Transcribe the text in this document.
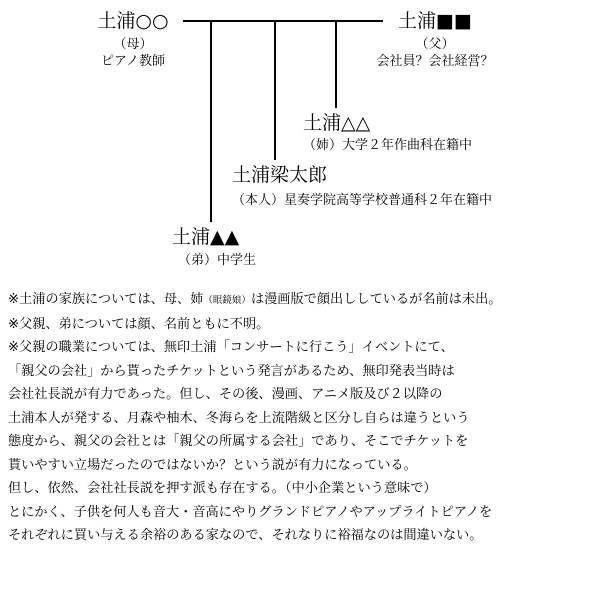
土浦○○
（母）
ピアノ教師
土浦■■
（父）
会社員？会社経営？
土浦△△
（姉）大学２年作曲科在籍中
土浦梁太郎
（本人）星奏学院高等学校普通科２年在籍中
土浦▲▲
（弟）中学生
※土浦の家族については、母、姉（眼鏡娘）は漫画版で顔出ししているが名前は未出。
※父親、弟については顔、名前ともに不明。
※父親の職業については、無印土浦「コンサートに行こう」イベントにて、
「親父の会社」から貰ったチケットという発言があるため、無印発表当時は
会社社長説が有力であった。但し、その後、漫画、アニメ版及び２以降の
土浦本人が発する、月森や柚木、冬海らを上流階級と区分し自らは違うという
態度から、親父の会社とは「親父の所属する会社」であり、そこでチケットを
貰いやすい立場だったのではないか？という説が有力になっている。
但し、依然、会社社長説を押す派も存在する。（中小企業という意味で）
とにかく、子供を何人も音大・音高にやりグランドピアノやアップライトピアノを
それぞれに買い与える余裕のある家なので、それなりに裕福なのは間違いない。
